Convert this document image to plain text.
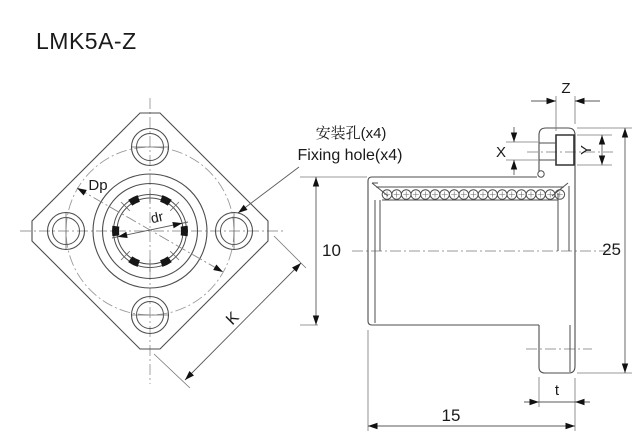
LMK5A-Z
Dp
dr
K
10	25
15
t
Z
X	Y
安装孔(x4)
Fixing hole(x4)
